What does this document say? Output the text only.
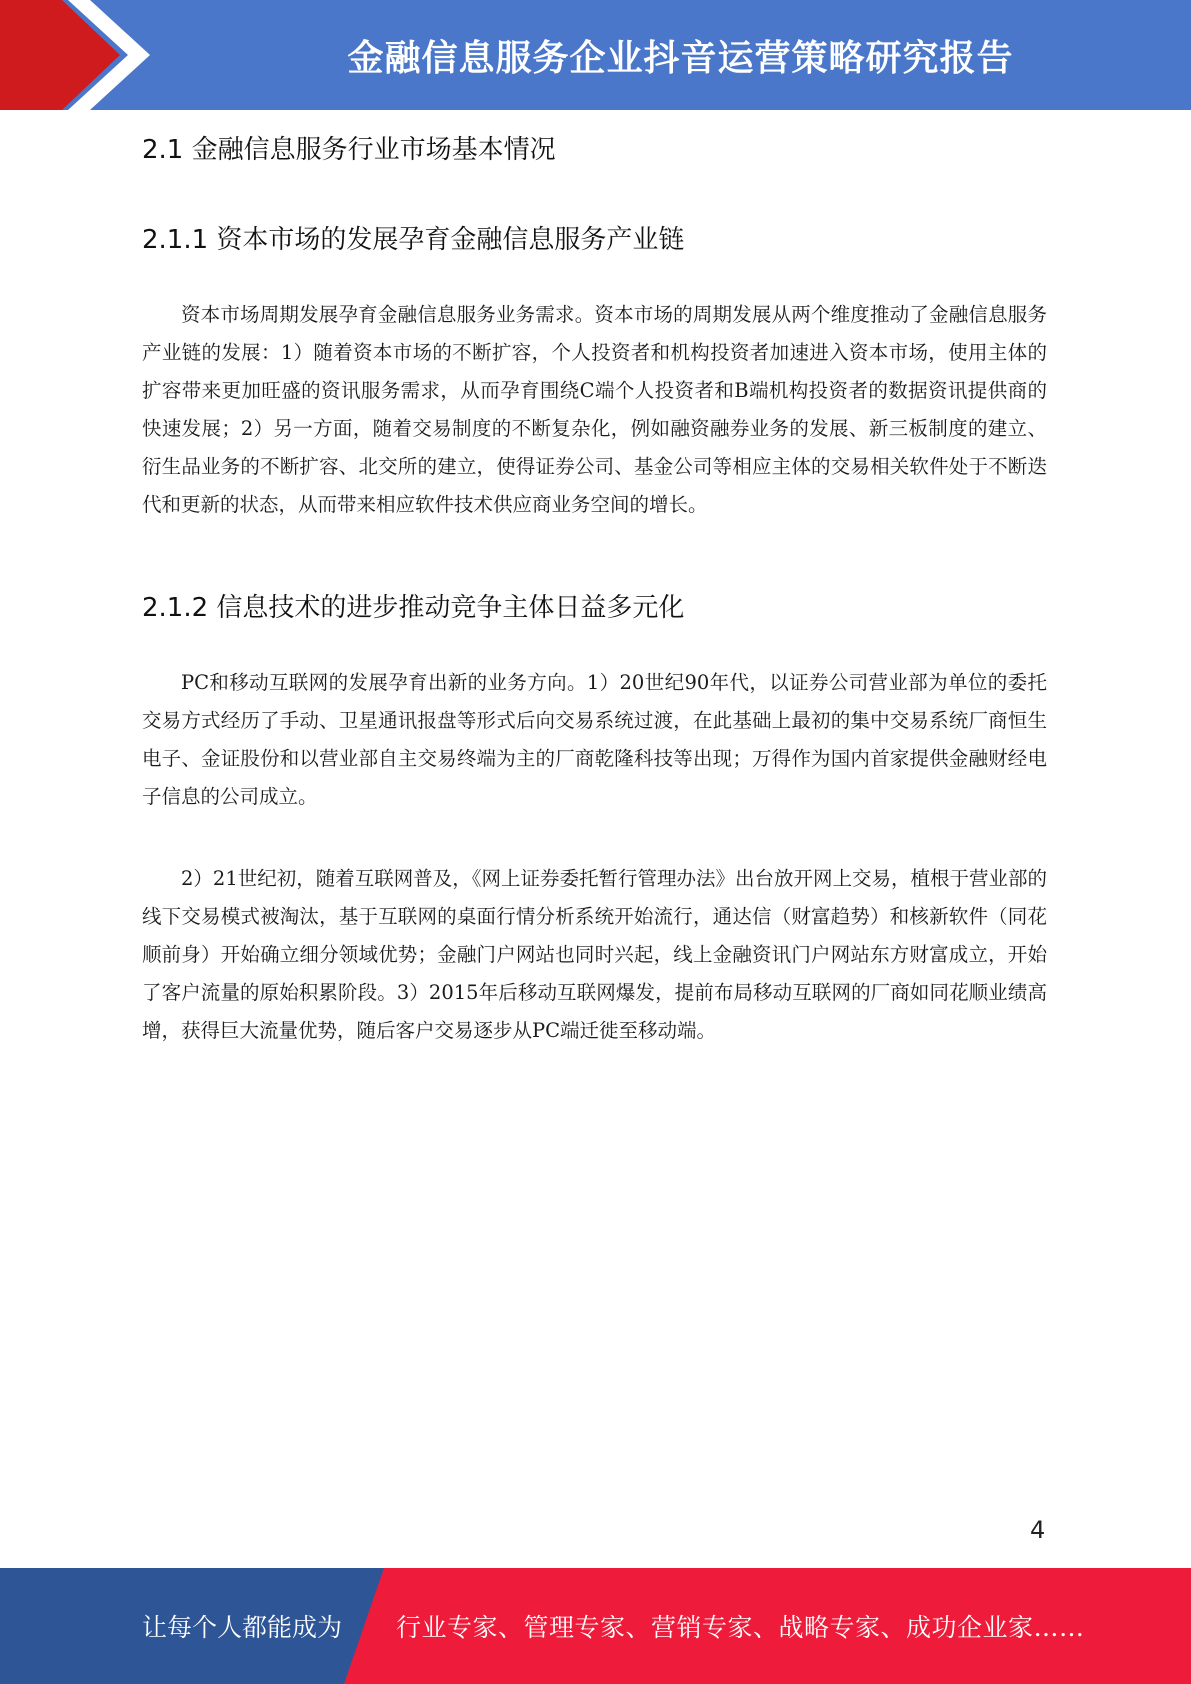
金融信息服务企业抖音运营策略研究报告
2.1 金融信息服务行业市场基本情况
2.1.1 资本市场的发展孕育金融信息服务产业链

资本市场周期发展孕育金融信息服务业务需求。资本市场的周期发展从两个维度推动了金融信息服务产业链的发展：1）随着资本市场的不断扩容，个人投资者和机构投资者加速进入资本市场，使用主体的扩容带来更加旺盛的资讯服务需求，从而孕育围绕C端个人投资者和B端机构投资者的数据资讯提供商的快速发展；2）另一方面，随着交易制度的不断复杂化，例如融资融券业务的发展、新三板制度的建立、衍生品业务的不断扩容、北交所的建立，使得证券公司、基金公司等相应主体的交易相关软件处于不断迭代和更新的状态，从而带来相应软件技术供应商业务空间的增长。

2.1.2 信息技术的进步推动竞争主体日益多元化

PC和移动互联网的发展孕育出新的业务方向。1）20世纪90年代，以证券公司营业部为单位的委托交易方式经历了手动、卫星通讯报盘等形式后向交易系统过渡，在此基础上最初的集中交易系统厂商恒生电子、金证股份和以营业部自主交易终端为主的厂商乾隆科技等出现；万得作为国内首家提供金融财经电子信息的公司成立。

2）21世纪初，随着互联网普及，《网上证券委托暂行管理办法》出台放开网上交易，植根于营业部的线下交易模式被淘汰，基于互联网的桌面行情分析系统开始流行，通达信（财富趋势）和核新软件（同花顺前身）开始确立细分领域优势；金融门户网站也同时兴起，线上金融资讯门户网站东方财富成立，开始了客户流量的原始积累阶段。3）2015年后移动互联网爆发，提前布局移动互联网的厂商如同花顺业绩高增，获得巨大流量优势，随后客户交易逐步从PC端迁徙至移动端。

4
让每个人都能成为 行业专家、管理专家、营销专家、战略专家、成功企业家……
